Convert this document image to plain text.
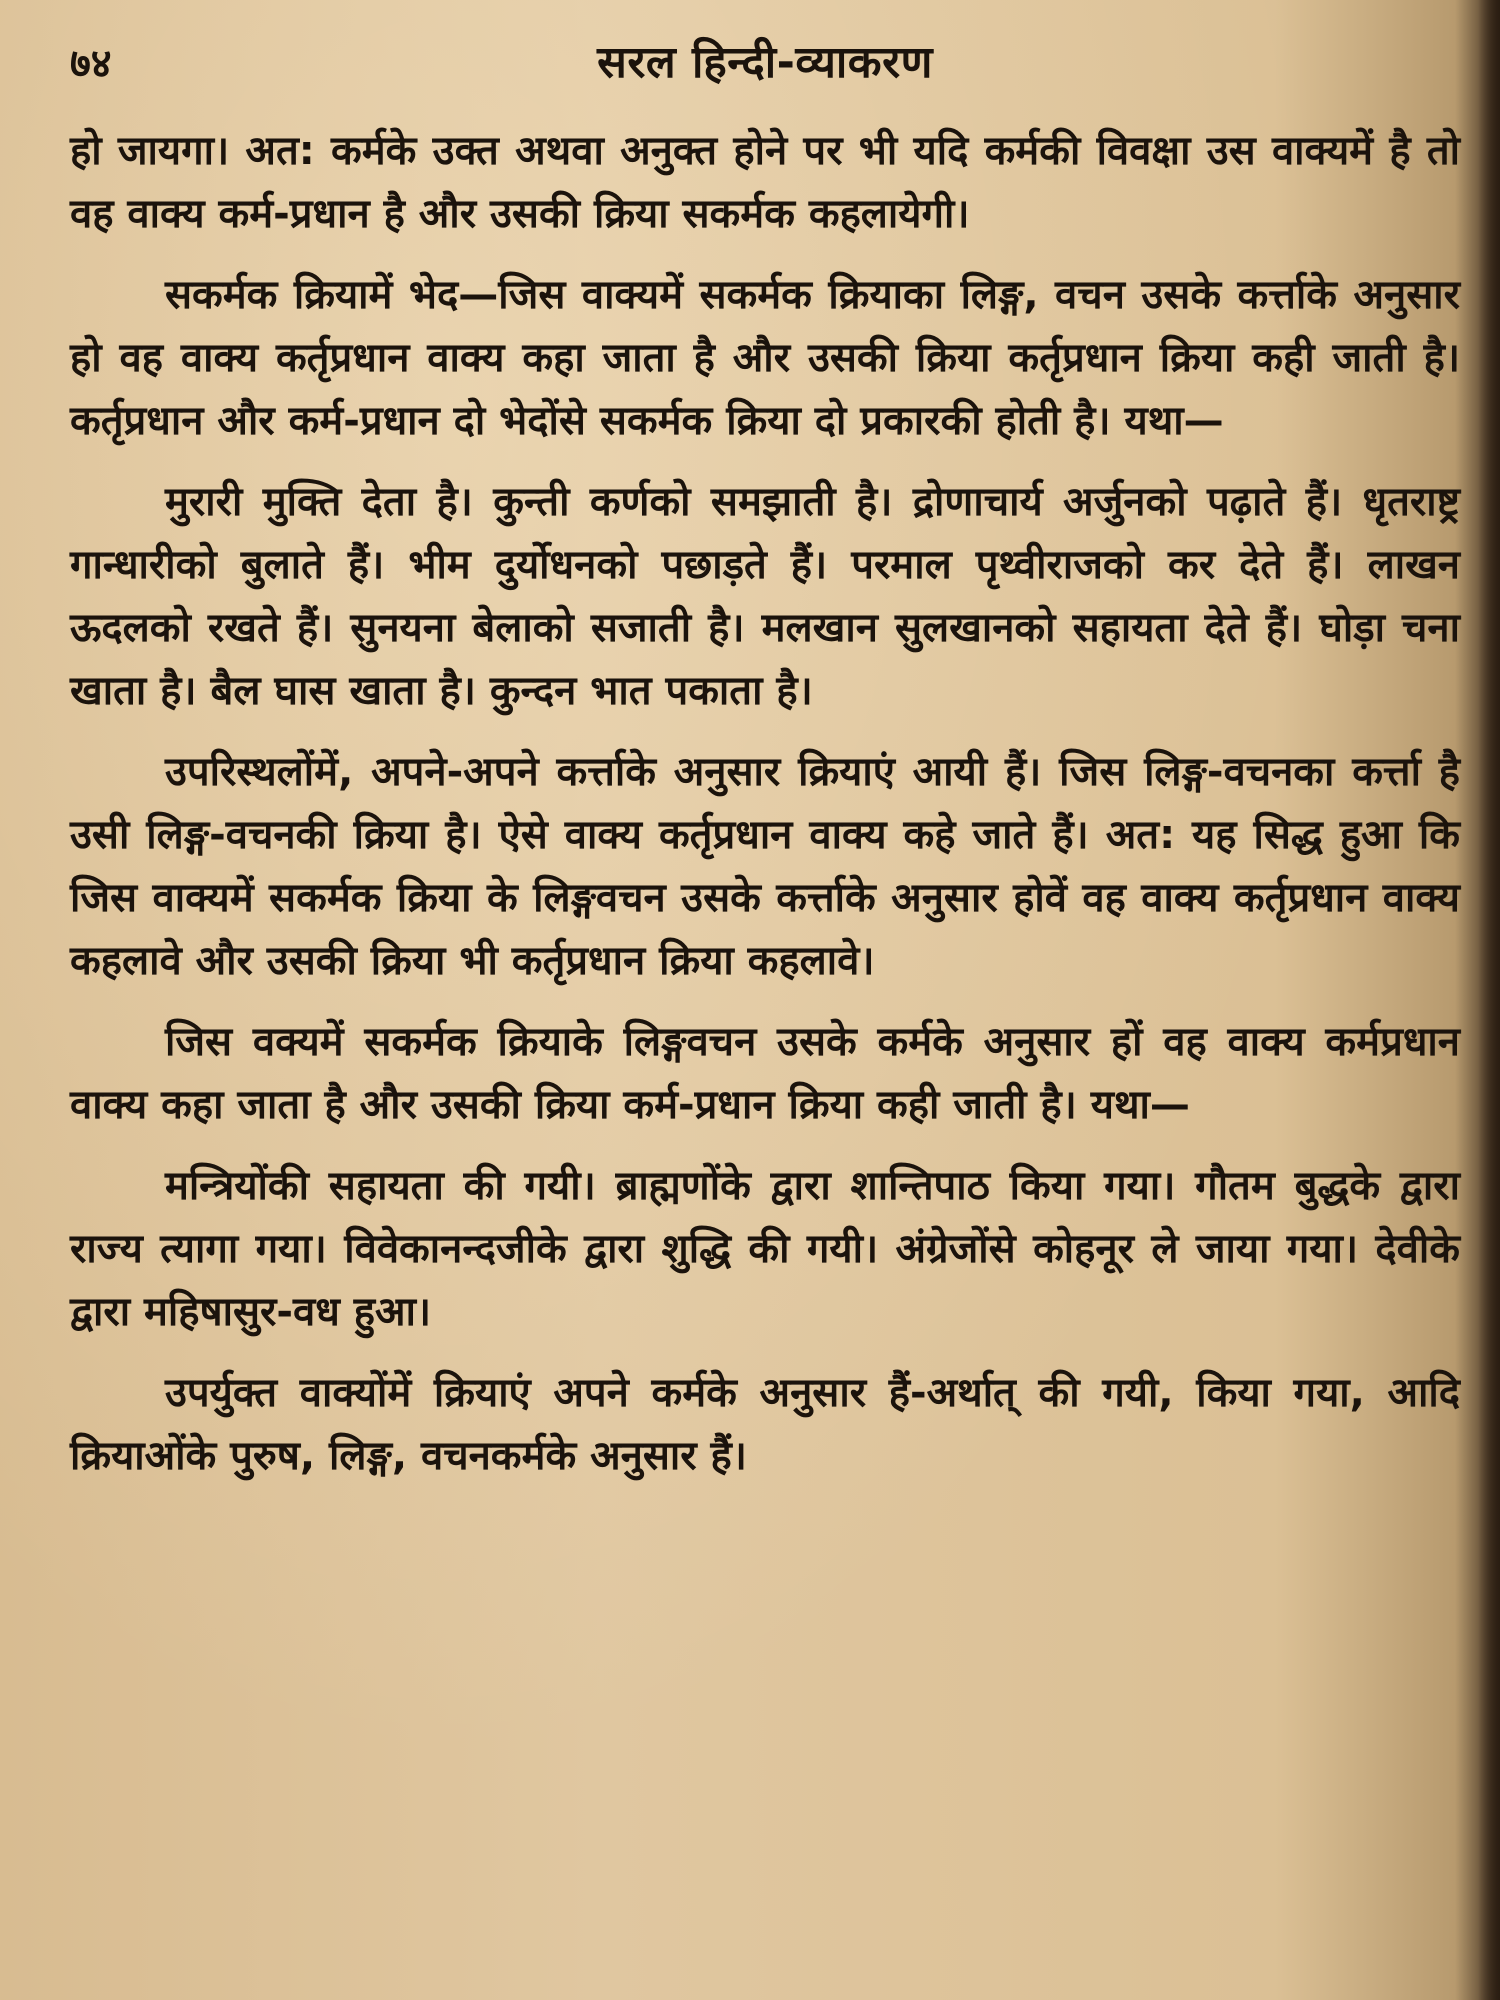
७४	सरल हिन्दी-व्याकरण

हो जायगा। अत: कर्मके उक्त अथवा अनुक्त होने पर भी यदि कर्मकी विवक्षा उस वाक्यमें है तो वह वाक्य कर्म-प्रधान है और उसकी क्रिया सकर्मक कहलायेगी।

सकर्मक क्रियामें भेद—जिस वाक्यमें सकर्मक क्रियाका लिङ्ग, वचन उसके कर्त्ताके अनुसार हो वह वाक्य कर्तृप्रधान वाक्य कहा जाता है और उसकी क्रिया कर्तृप्रधान क्रिया कही जाती है। कर्तृप्रधान और कर्म-प्रधान दो भेदोंसे सकर्मक क्रिया दो प्रकारकी होती है। यथा—

मुरारी मुक्ति देता है। कुन्ती कर्णको समझाती है। द्रोणाचार्य अर्जुनको पढ़ाते हैं। धृतराष्ट्र गान्धारीको बुलाते हैं। भीम दुर्योधनको पछाड़ते हैं। परमाल पृथ्वीराजको कर देते हैं। लाखन ऊदलको रखते हैं। सुनयना बेलाको सजाती है। मलखान सुलखानको सहायता देते हैं। घोड़ा चना खाता है। बैल घास खाता है। कुन्दन भात पकाता है।

उपरिस्थलोंमें, अपने-अपने कर्त्ताके अनुसार क्रियाएं आयी हैं। जिस लिङ्ग-वचनका कर्त्ता है उसी लिङ्ग-वचनकी क्रिया है। ऐसे वाक्य कर्तृप्रधान वाक्य कहे जाते हैं। अत: यह सिद्ध हुआ कि जिस वाक्यमें सकर्मक क्रिया के लिङ्गवचन उसके कर्त्ताके अनुसार होवें वह वाक्य कर्तृप्रधान वाक्य कहलावे और उसकी क्रिया भी कर्तृप्रधान क्रिया कहलावे।

जिस वक्यमें सकर्मक क्रियाके लिङ्गवचन उसके कर्मके अनुसार हों वह वाक्य कर्मप्रधान वाक्य कहा जाता है और उसकी क्रिया कर्म-प्रधान क्रिया कही जाती है। यथा—

मन्त्रियोंकी सहायता की गयी। ब्राह्मणोंके द्वारा शान्तिपाठ किया गया। गौतम बुद्धके द्वारा राज्य त्यागा गया। विवेकानन्दजीके द्वारा शुद्धि की गयी। अंग्रेजोंसे कोहनूर ले जाया गया। देवीके द्वारा महिषासुर-वध हुआ।

उपर्युक्त वाक्योंमें क्रियाएं अपने कर्मके अनुसार हैं-अर्थात् की गयी, किया गया, आदि क्रियाओंके पुरुष, लिङ्ग, वचनकर्मके अनुसार हैं।
